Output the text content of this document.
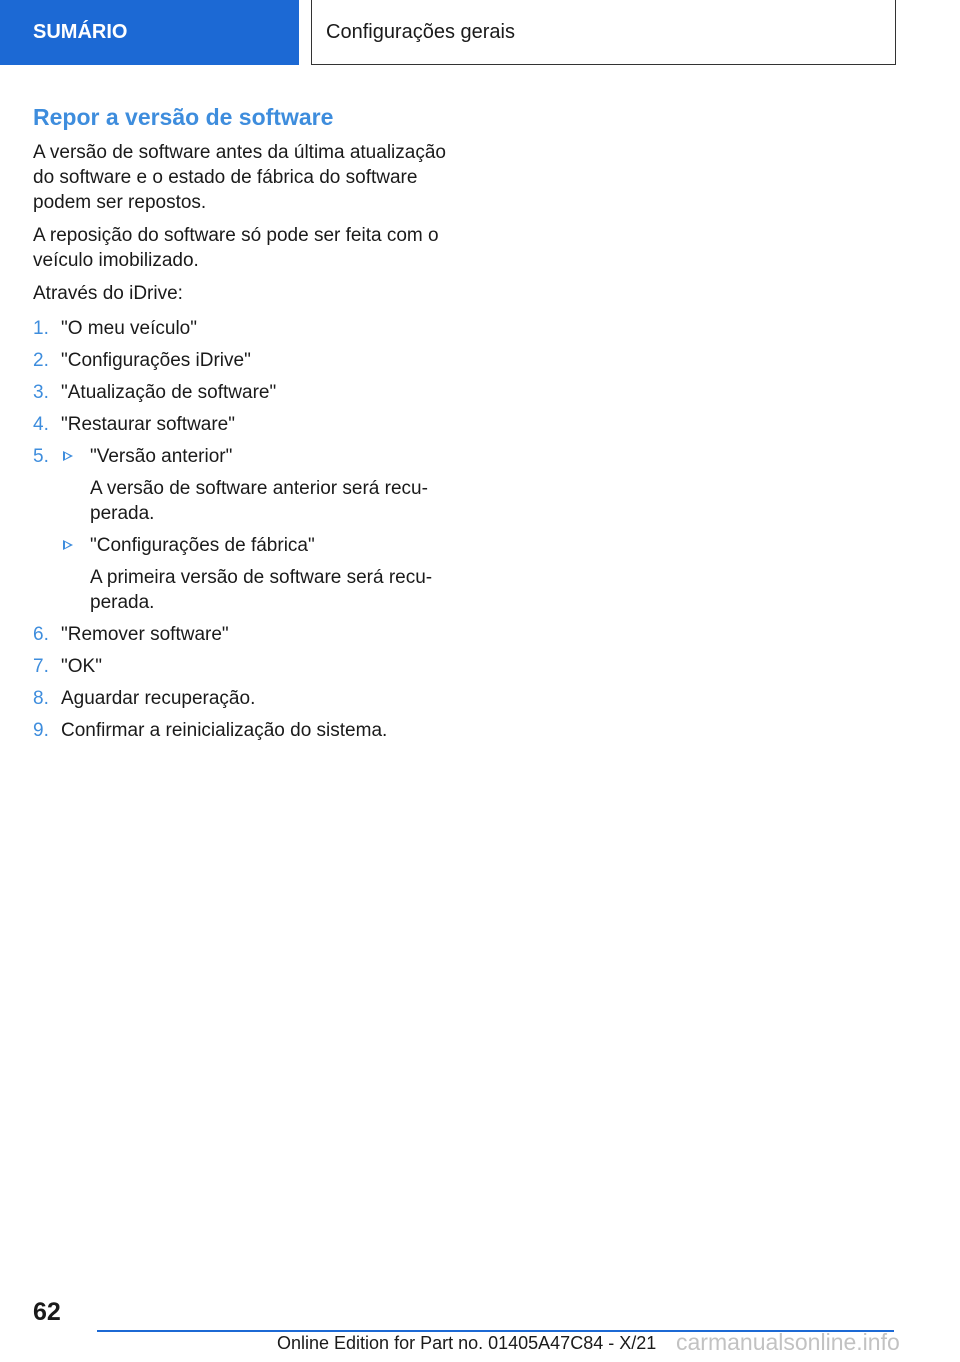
SUMÁRIO	Configurações gerais
Repor a versão de software

A versão de software antes da última atualização do software e o estado de fábrica do software podem ser repostos.

A reposição do software só pode ser feita com o veículo imobilizado.

Através do iDrive:

1. "O meu veículo"
2. "Configurações iDrive"
3. "Atualização de software"
4. "Restaurar software"
5.	"Versão anterior"
A versão de software anterior será recu-perada.
"Configurações de fábrica"
A primeira versão de software será recu-perada.
6. "Remover software"
7. "OK"
8. Aguardar recuperação.
9. Confirmar a reinicialização do sistema.
62
Online Edition for Part no. 01405A47C84 - X/21 carmanualsonline.info
